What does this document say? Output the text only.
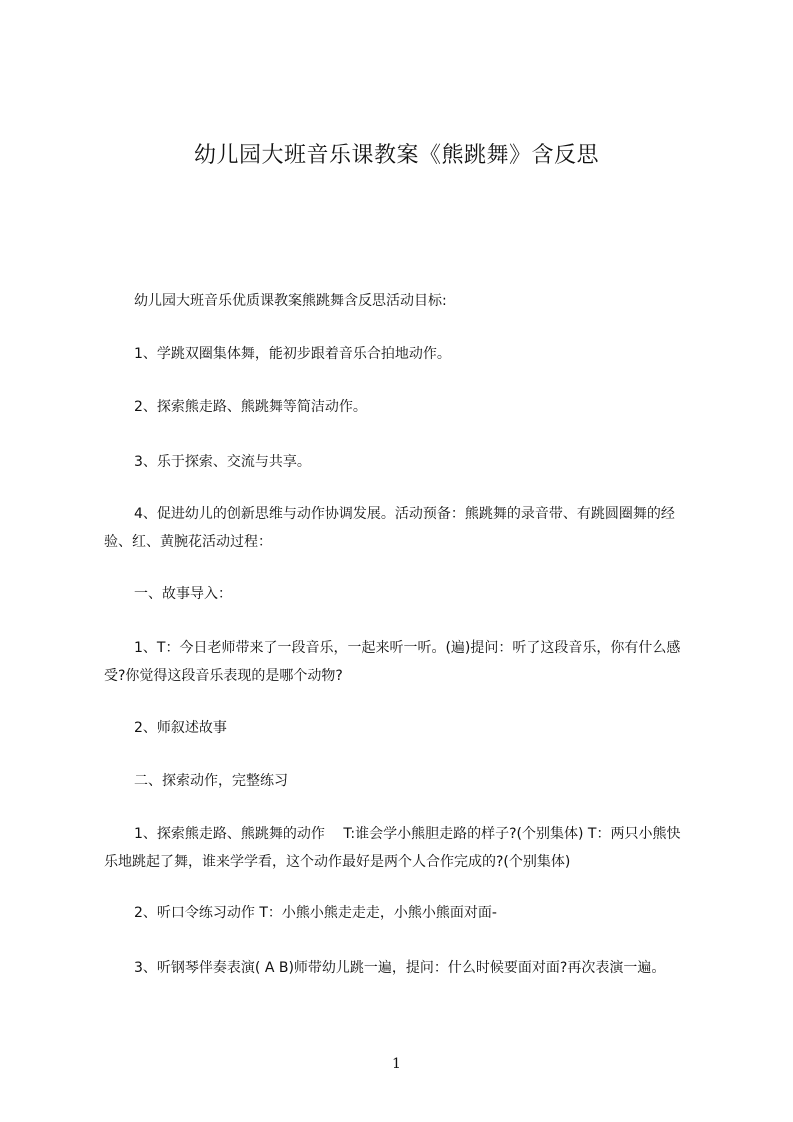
幼儿园大班音乐课教案《熊跳舞》含反思

幼儿园大班音乐优质课教案熊跳舞含反思活动目标:

1、学跳双圈集体舞，能初步跟着音乐合拍地动作。

2、探索熊走路、熊跳舞等简洁动作。

3、乐于探索、交流与共享。

4、促进幼儿的创新思维与动作协调发展。活动预备：熊跳舞的录音带、有跳圆圈舞的经验、红、黄腕花活动过程：

一、故事导入：

1、T：今日老师带来了一段音乐，一起来听一听。(遍)提问：听了这段音乐，你有什么感受?你觉得这段音乐表现的是哪个动物?

2、师叙述故事

二、探索动作，完整练习

1、探索熊走路、熊跳舞的动作　 T:谁会学小熊胆走路的样子?(个别集体) T：两只小熊快乐地跳起了舞，谁来学学看，这个动作最好是两个人合作完成的?(个别集体)

2、听口令练习动作 T：小熊小熊走走走，小熊小熊面对面-

3、听钢琴伴奏表演( A B)师带幼儿跳一遍，提问：什么时候要面对面?再次表演一遍。

1
